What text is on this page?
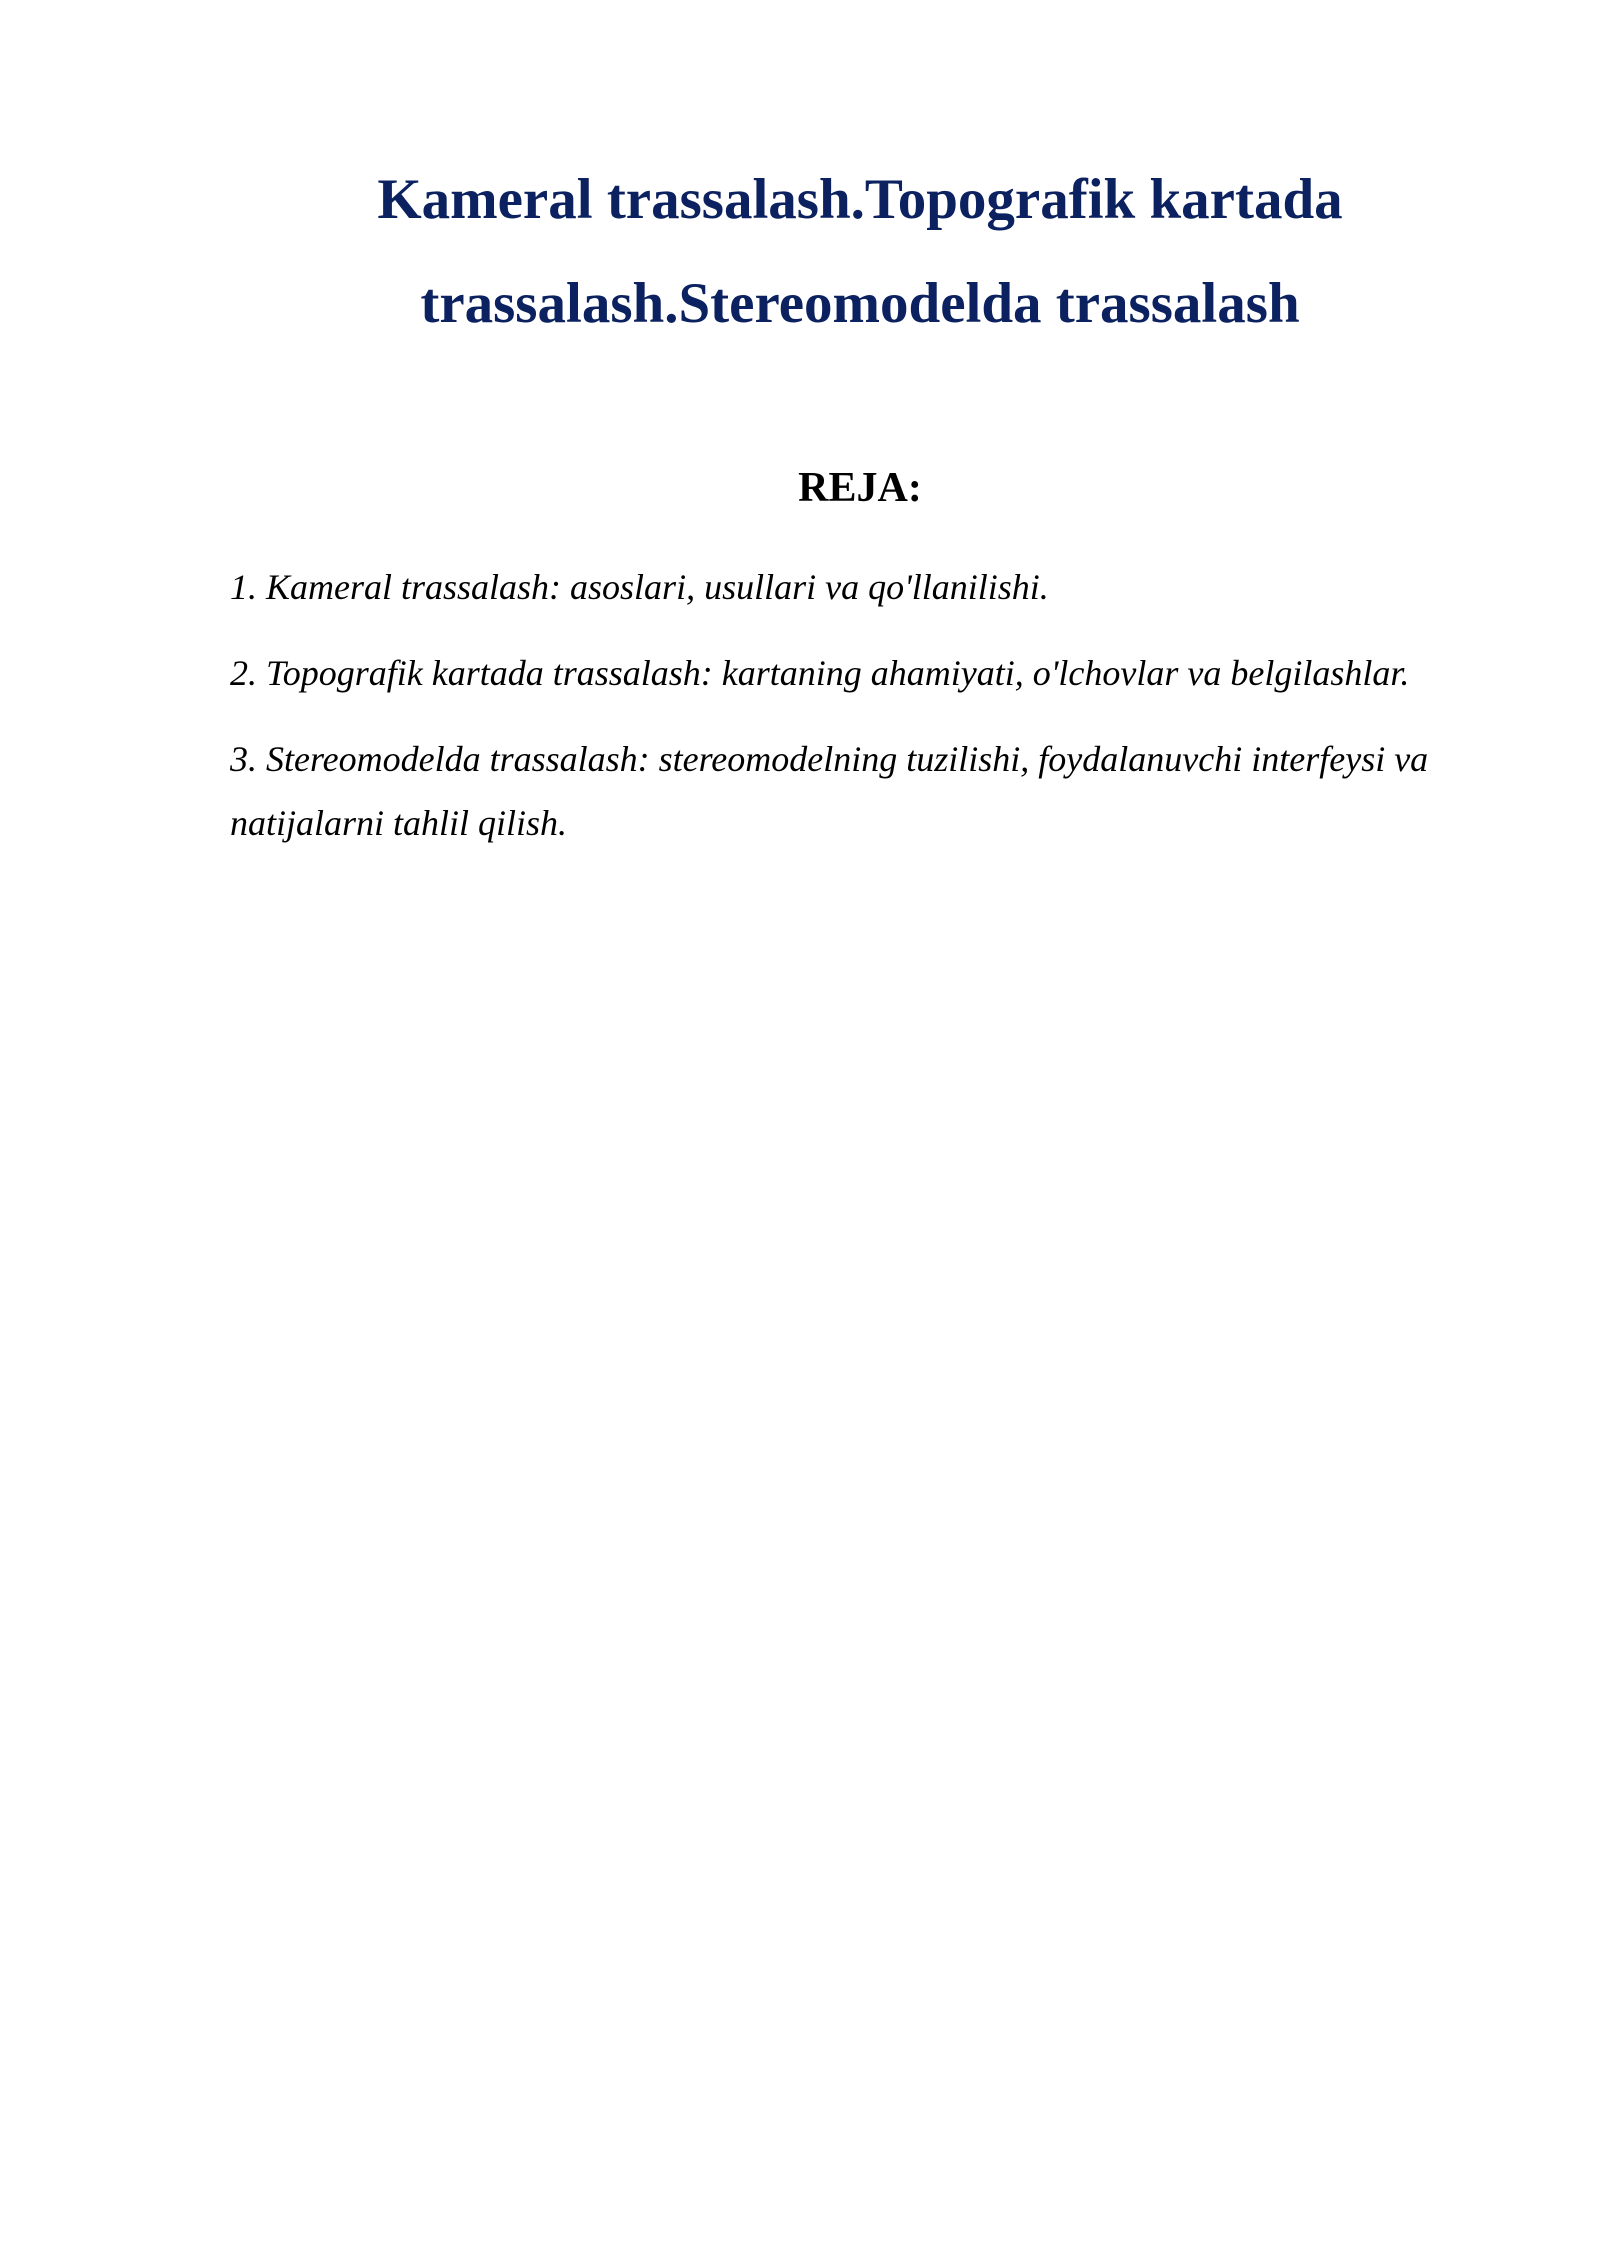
Kameral trassalash.Topografik kartada trassalash.Stereomodelda trassalash
REJA:
1. Kameral trassalash: asoslari, usullari va qo'llanilishi.
2. Topografik kartada trassalash: kartaning ahamiyati, o'lchovlar va belgilashlar.
3. Stereomodelda trassalash: stereomodelning tuzilishi, foydalanuvchi interfeysi va natijalarni tahlil qilish.
